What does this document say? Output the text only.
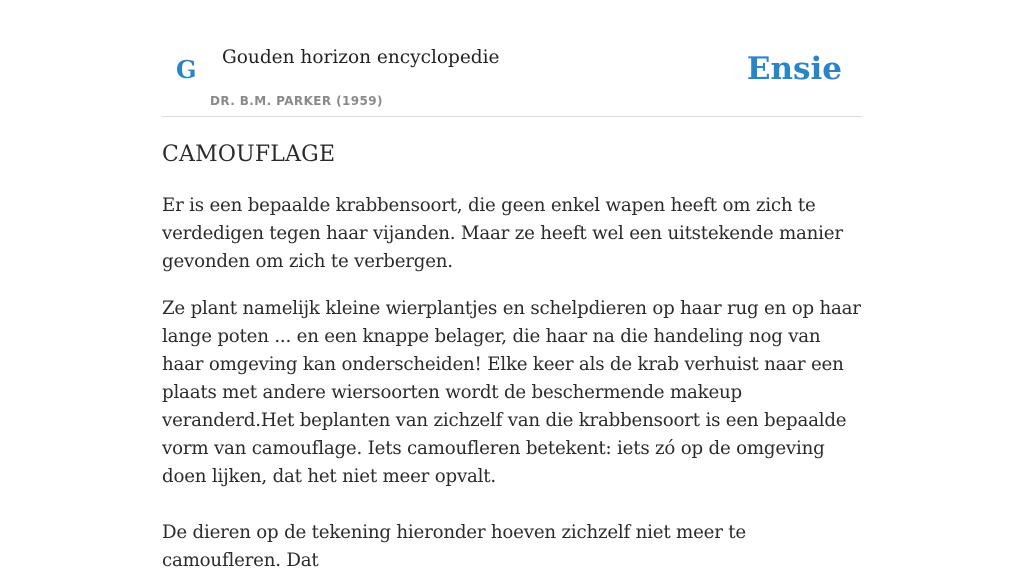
G Gouden horizon encyclopedie
DR. B.M. PARKER (1959)
Ensie
CAMOUFLAGE

Er is een bepaalde krabbensoort, die geen enkel wapen heeft om zich te verdedigen tegen haar vijanden. Maar ze heeft wel een uitstekende manier gevonden om zich te verbergen.

Ze plant namelijk kleine wierplantjes en schelpdieren op haar rug en op haar lange poten ... en een knappe belager, die haar na die handeling nog van haar omgeving kan onderscheiden! Elke keer als de krab verhuist naar een plaats met andere wiersoorten wordt de beschermende makeup veranderd.Het beplanten van zichzelf van die krabbensoort is een bepaalde vorm van camouflage. Iets camoufleren betekent: iets zó op de omgeving doen lijken, dat het niet meer opvalt.

De dieren op de tekening hieronder hoeven zichzelf niet meer te camoufleren. Dat
